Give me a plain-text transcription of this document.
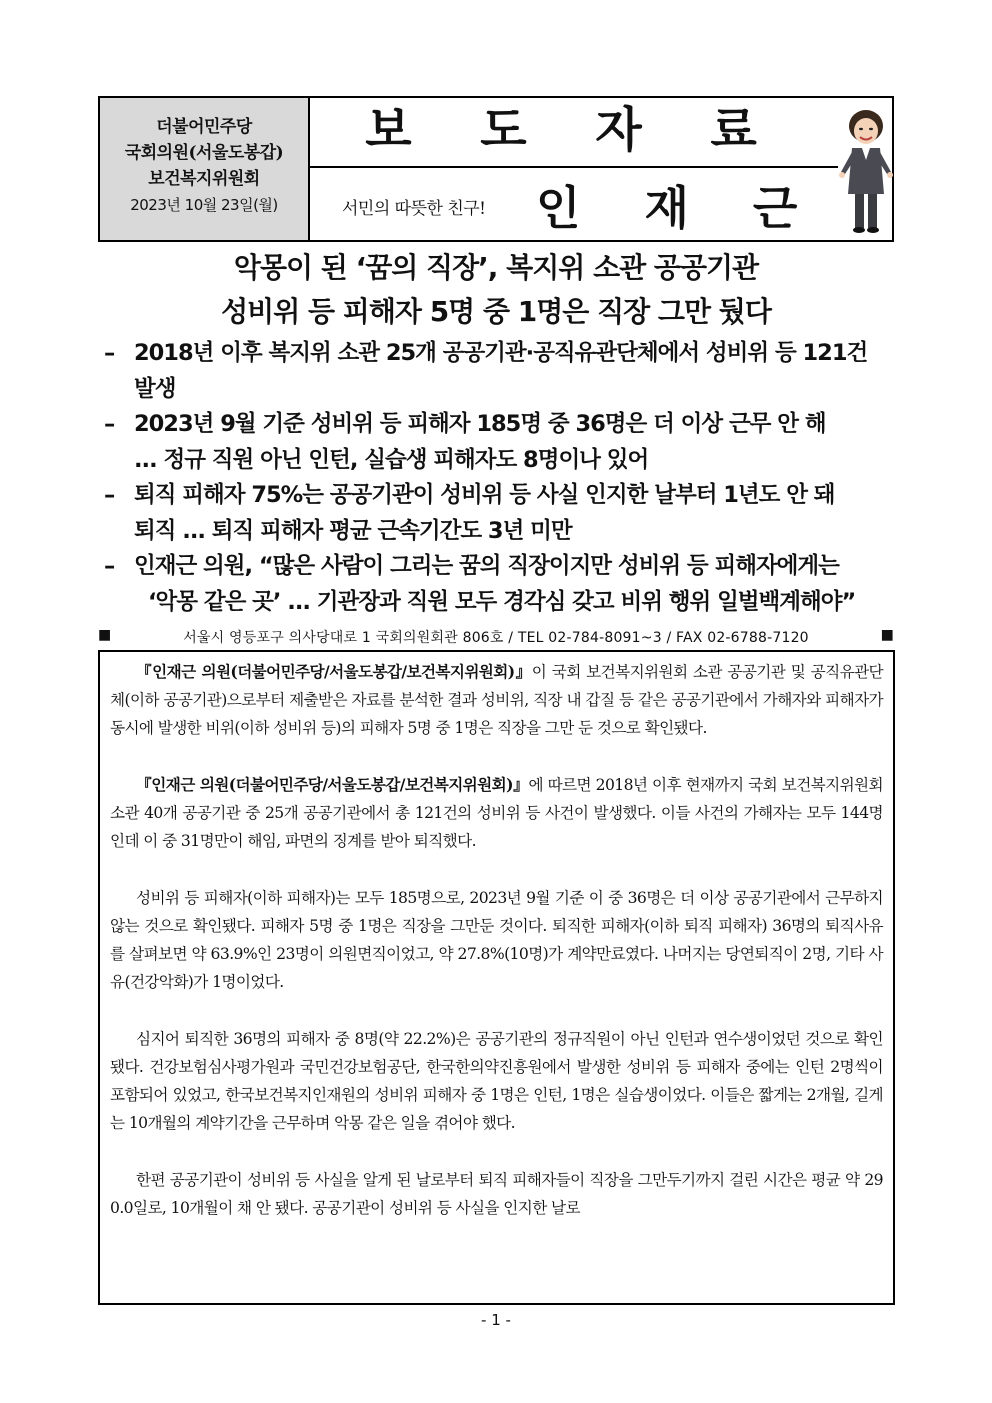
더불어민주당
국회의원(서울도봉갑)
보건복지위원회
2023년 10월 23일(월)
보 도 자 료
서민의 따뜻한 친구! 인 재 근
악몽이 된 ‘꿈의 직장’, 복지위 소관 공공기관
성비위 등 피해자 5명 중 1명은 직장 그만 뒀다
– 2018년 이후 복지위 소관 25개 공공기관·공직유관단체에서 성비위 등 121건
발생
– 2023년 9월 기준 성비위 등 피해자 185명 중 36명은 더 이상 근무 안 해
... 정규 직원 아닌 인턴, 실습생 피해자도 8명이나 있어
– 퇴직 피해자 75%는 공공기관이 성비위 등 사실 인지한 날부터 1년도 안 돼
퇴직 ... 퇴직 피해자 평균 근속기간도 3년 미만
– 인재근 의원, “많은 사람이 그리는 꿈의 직장이지만 성비위 등 피해자에게는
‘악몽 같은 곳’ ... 기관장과 직원 모두 경각심 갖고 비위 행위 일벌백계해야”
■	서울시 영등포구 의사당대로 1 국회의원회관 806호 / TEL 02-784-8091~3 / FAX 02-6788-7120	■

『인재근 의원(더불어민주당/서울도봉갑/보건복지위원회)』이 국회 보건복지위원회 소관 공공기관 및 공직유관단체(이하 공공기관)으로부터 제출받은 자료를 분석한 결과 성비위, 직장 내 갑질 등 같은 공공기관에서 가해자와 피해자가 동시에 발생한 비위(이하 성비위 등)의 피해자 5명 중 1명은 직장을 그만 둔 것으로 확인됐다.

『인재근 의원(더불어민주당/서울도봉갑/보건복지위원회)』에 따르면 2018년 이후 현재까지 국회 보건복지위원회 소관 40개 공공기관 중 25개 공공기관에서 총 121건의 성비위 등 사건이 발생했다. 이들 사건의 가해자는 모두 144명인데 이 중 31명만이 해임, 파면의 징계를 받아 퇴직했다.

성비위 등 피해자(이하 피해자)는 모두 185명으로, 2023년 9월 기준 이 중 36명은 더 이상 공공기관에서 근무하지 않는 것으로 확인됐다. 피해자 5명 중 1명은 직장을 그만둔 것이다. 퇴직한 피해자(이하 퇴직 피해자) 36명의 퇴직사유를 살펴보면 약 63.9%인 23명이 의원면직이었고, 약 27.8%(10명)가 계약만료였다. 나머지는 당연퇴직이 2명, 기타 사유(건강악화)가 1명이었다.

심지어 퇴직한 36명의 피해자 중 8명(약 22.2%)은 공공기관의 정규직원이 아닌 인턴과 연수생이었던 것으로 확인됐다. 건강보험심사평가원과 국민건강보험공단, 한국한의약진흥원에서 발생한 성비위 등 피해자 중에는 인턴 2명씩이 포함되어 있었고, 한국보건복지인재원의 성비위 피해자 중 1명은 인턴, 1명은 실습생이었다. 이들은 짧게는 2개월, 길게는 10개월의 계약기간을 근무하며 악몽 같은 일을 겪어야 했다.

한편 공공기관이 성비위 등 사실을 알게 된 날로부터 퇴직 피해자들이 직장을 그만두기까지 걸린 시간은 평균 약 290.0일로, 10개월이 채 안 됐다. 공공기관이 성비위 등 사실을 인지한 날로

- 1 -
